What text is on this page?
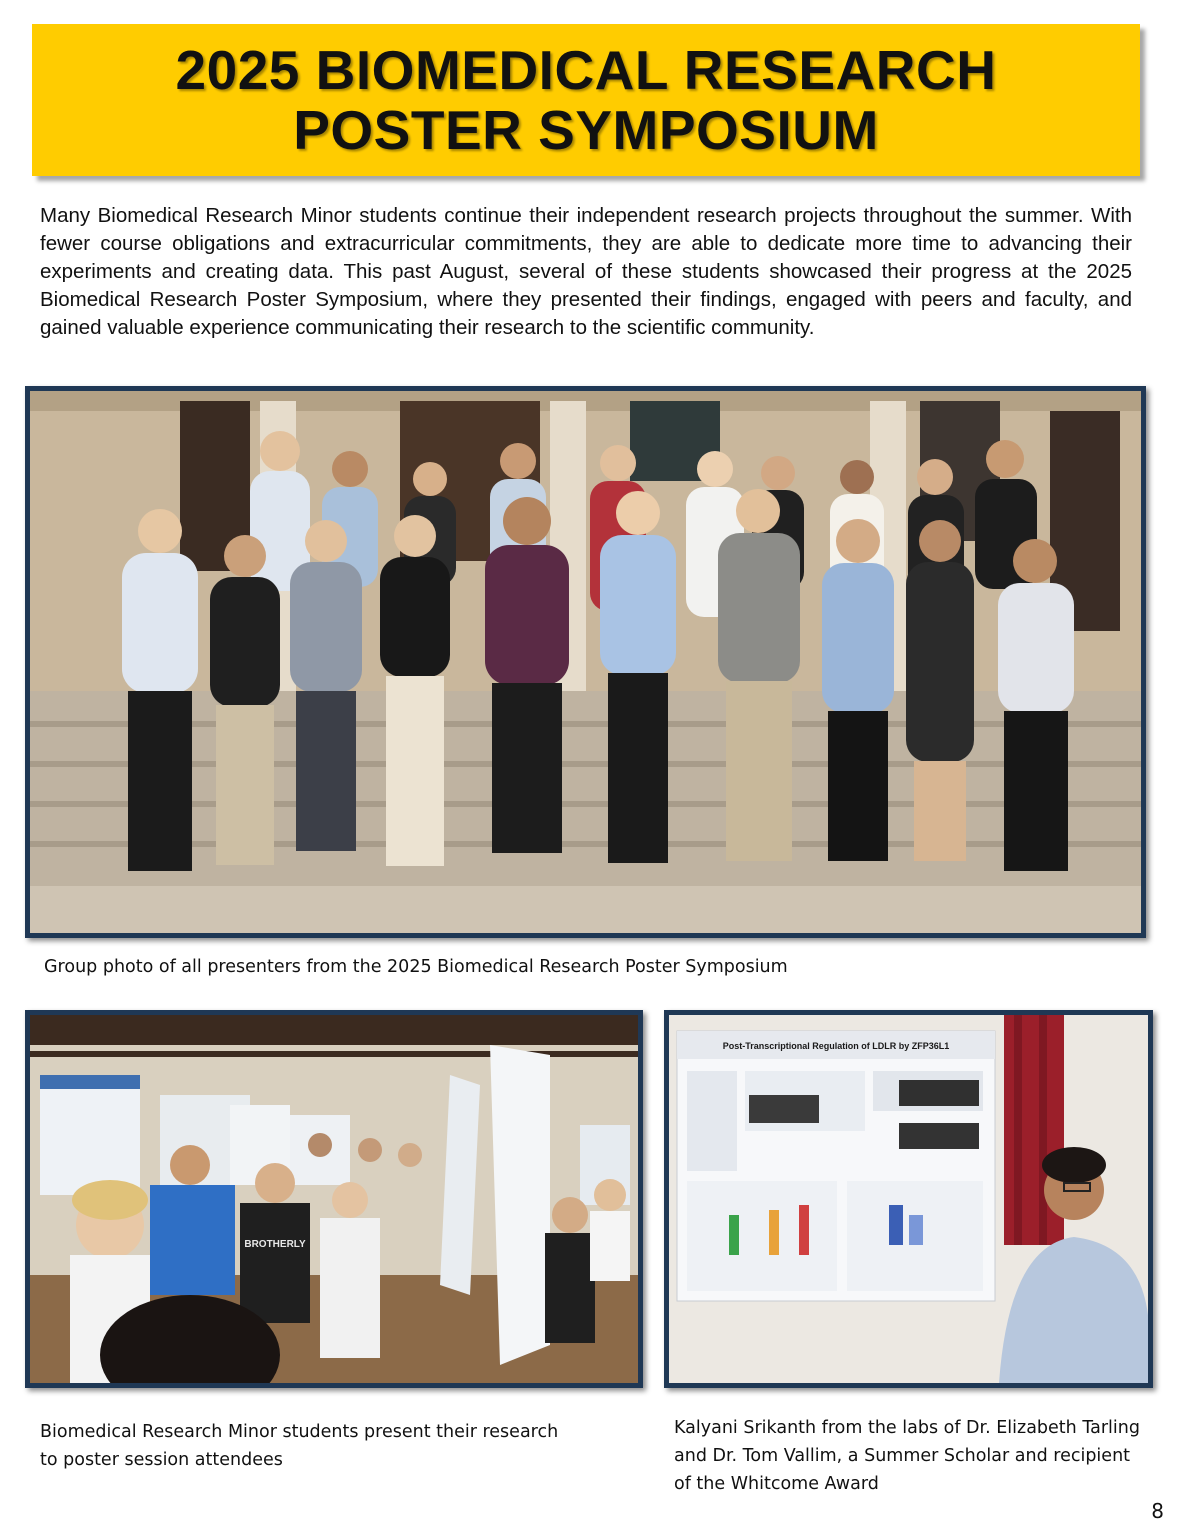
2025 BIOMEDICAL RESEARCH
POSTER SYMPOSIUM

Many Biomedical Research Minor students continue their independent research projects throughout the summer. With fewer course obligations and extracurricular commitments, they are able to dedicate more time to advancing their experiments and creating data. This past August, several of these students showcased their progress at the 2025 Biomedical Research Poster Symposium, where they presented their findings, engaged with peers and faculty, and gained valuable experience communicating their research to the scientific community.

Group photo of all presenters from the 2025 Biomedical Research Poster Symposium

BROTHERLY

Biomedical Research Minor students present their research to poster session attendees

Post-Transcriptional Regulation of LDLR by ZFP36L1

Kalyani Srikanth from the labs of Dr. Elizabeth Tarling and Dr. Tom Vallim, a Summer Scholar and recipient of the Whitcome Award

8
